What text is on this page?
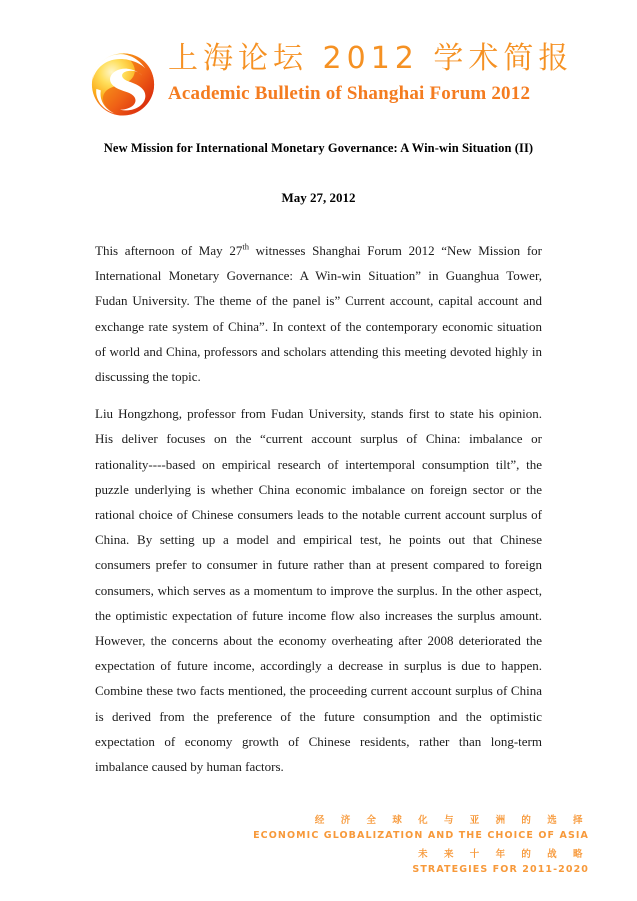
上海论坛 2012 学术简报
Academic Bulletin of Shanghai Forum 2012
New Mission for International Monetary Governance: A Win-win Situation (II)
May 27, 2012

This afternoon of May 27th witnesses Shanghai Forum 2012 “New Mission for International Monetary Governance: A Win-win Situation” in Guanghua Tower, Fudan University. The theme of the panel is” Current account, capital account and exchange rate system of China”. In context of the contemporary economic situation of world and China, professors and scholars attending this meeting devoted highly in discussing the topic.

Liu Hongzhong, professor from Fudan University, stands first to state his opinion. His deliver focuses on the “current account surplus of China: imbalance or rationality----based on empirical research of intertemporal consumption tilt”, the puzzle underlying is whether China economic imbalance on foreign sector or the rational choice of Chinese consumers leads to the notable current account surplus of China. By setting up a model and empirical test, he points out that Chinese consumers prefer to consumer in future rather than at present compared to foreign consumers, which serves as a momentum to improve the surplus. In the other aspect, the optimistic expectation of future income flow also increases the surplus amount. However, the concerns about the economy overheating after 2008 deteriorated the expectation of future income, accordingly a decrease in surplus is due to happen. Combine these two facts mentioned, the proceeding current account surplus of China is derived from the preference of the future consumption and the optimistic expectation of economy growth of Chinese residents, rather than long-term imbalance caused by human factors.

经 济 全 球 化 与 亚 洲 的 选 择
ECONOMIC GLOBALIZATION AND THE CHOICE OF ASIA
未 来 十 年 的 战 略
STRATEGIES FOR 2011-2020
